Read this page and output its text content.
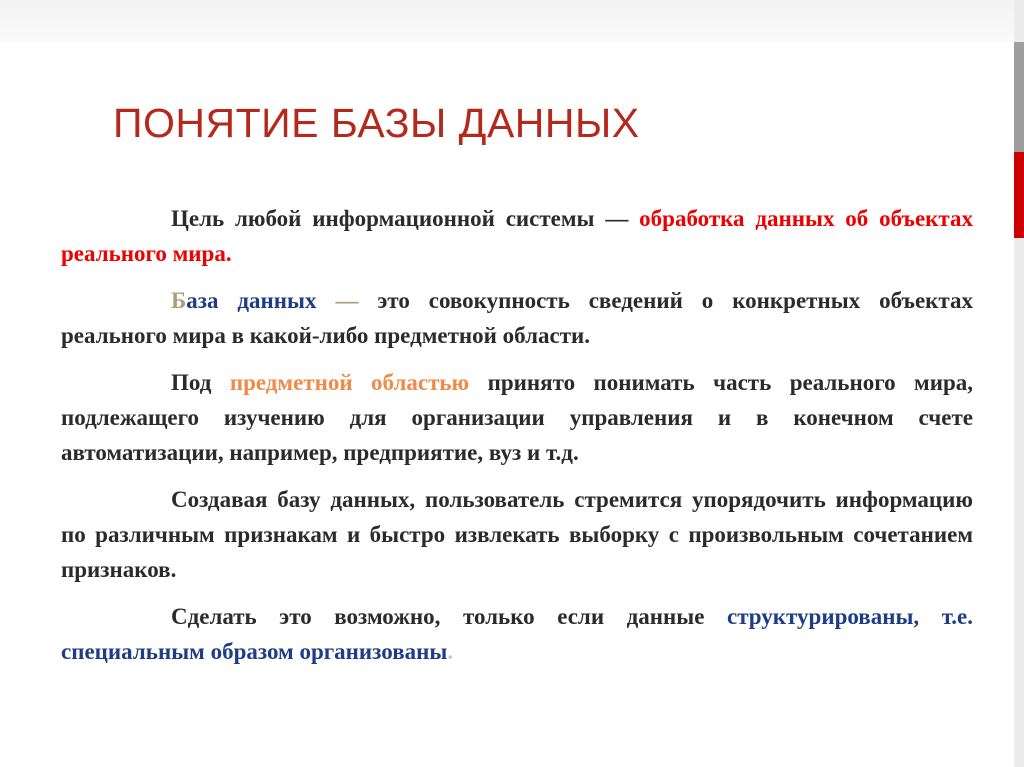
ПОНЯТИЕ БАЗЫ ДАННЫХ

Цель любой информационной системы — обработка данных об объектах реального мира.

База данных — это совокупность сведений о конкретных объектах реального мира в какой-либо предметной области.

Под предметной областью принято понимать часть реального мира, подлежащего изучению для организации управления и в конечном счете автоматизации, например, предприятие, вуз и т.д.

Создавая базу данных, пользователь стремится упорядочить информацию по различным признакам и быстро извлекать выборку с произвольным сочетанием признаков.

Сделать это возможно, только если данные структурированы, т.е. специальным образом организованы.
